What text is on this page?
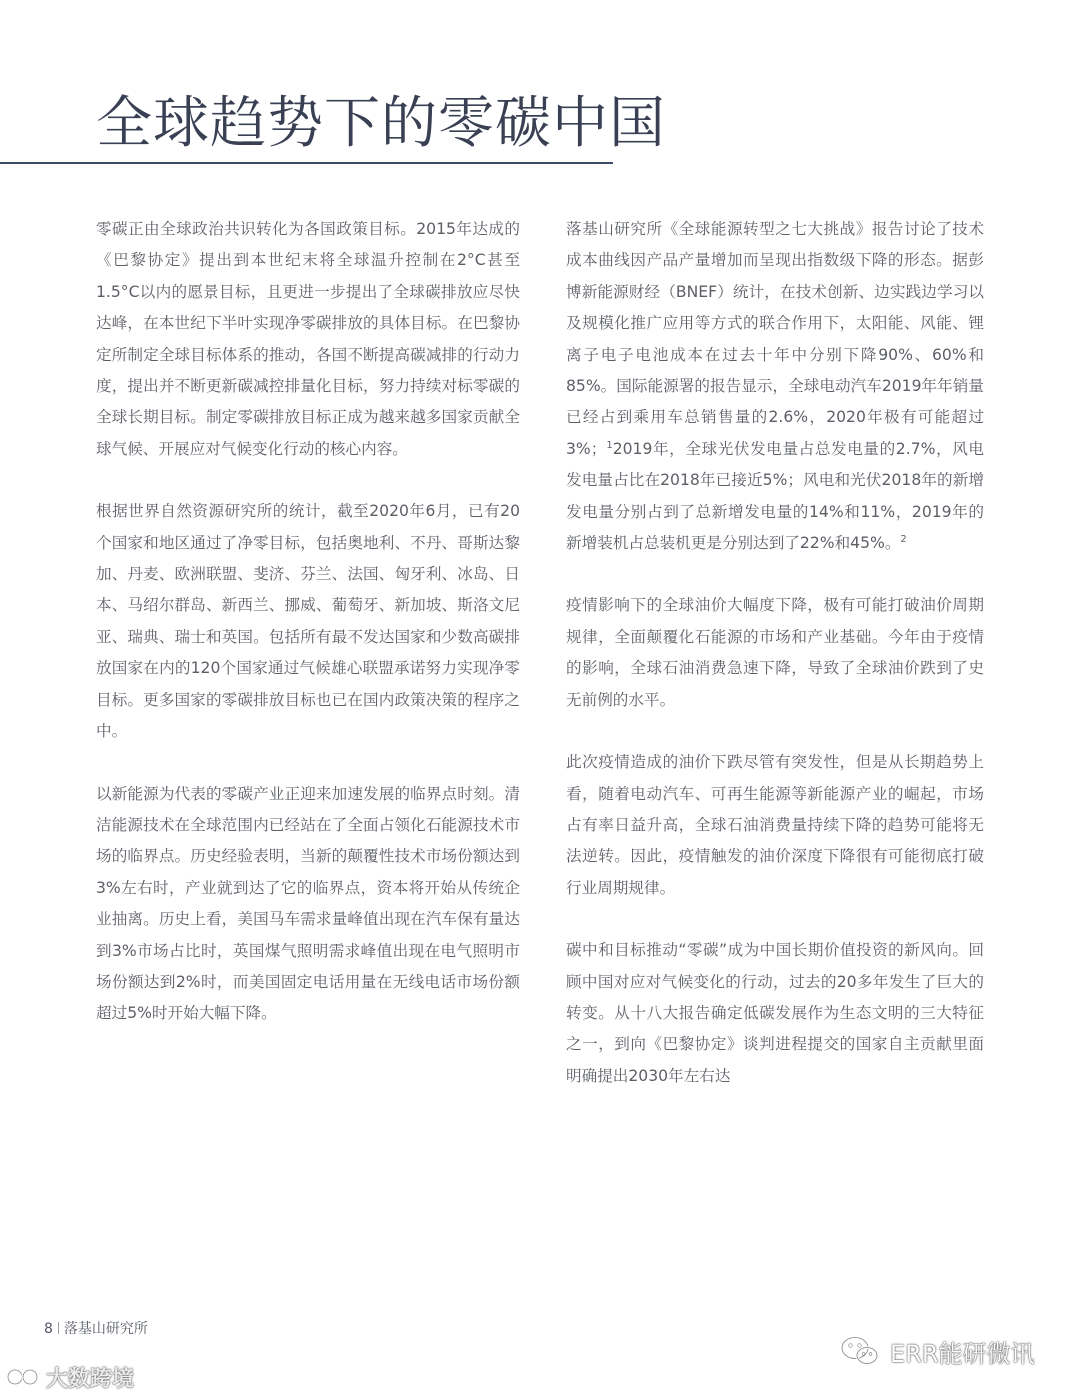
全球趋势下的零碳中国

零碳正由全球政治共识转化为各国政策目标。2015年达成的《巴黎协定》提出到本世纪末将全球温升控制在2°C甚至1.5°C以内的愿景目标，且更进一步提出了全球碳排放应尽快达峰，在本世纪下半叶实现净零碳排放的具体目标。在巴黎协定所制定全球目标体系的推动，各国不断提高碳减排的行动力度，提出并不断更新碳减控排量化目标，努力持续对标零碳的全球长期目标。制定零碳排放目标正成为越来越多国家贡献全球气候、开展应对气候变化行动的核心内容。

根据世界自然资源研究所的统计，截至2020年6月，已有20个国家和地区通过了净零目标，包括奥地利、不丹、哥斯达黎加、丹麦、欧洲联盟、斐济、芬兰、法国、匈牙利、冰岛、日本、马绍尔群岛、新西兰、挪威、葡萄牙、新加坡、斯洛文尼亚、瑞典、瑞士和英国。包括所有最不发达国家和少数高碳排放国家在内的120个国家通过气候雄心联盟承诺努力实现净零目标。更多国家的零碳排放目标也已在国内政策决策的程序之中。

以新能源为代表的零碳产业正迎来加速发展的临界点时刻。清洁能源技术在全球范围内已经站在了全面占领化石能源技术市场的临界点。历史经验表明，当新的颠覆性技术市场份额达到3%左右时，产业就到达了它的临界点，资本将开始从传统企业抽离。历史上看，美国马车需求量峰值出现在汽车保有量达到3%市场占比时，英国煤气照明需求峰值出现在电气照明市场份额达到2%时，而美国固定电话用量在无线电话市场份额超过5%时开始大幅下降。

落基山研究所《全球能源转型之七大挑战》报告讨论了技术成本曲线因产品产量增加而呈现出指数级下降的形态。据彭博新能源财经（BNEF）统计，在技术创新、边实践边学习以及规模化推广应用等方式的联合作用下，太阳能、风能、锂离子电子电池成本在过去十年中分别下降90%、60%和85%。国际能源署的报告显示，全球电动汽车2019年年销量已经占到乘用车总销售量的2.6%，2020年极有可能超过3%；$^1$2019年，全球光伏发电量占总发电量的2.7%，风电发电量占比在2018年已接近5%；风电和光伏2018年的新增发电量分别占到了总新增发电量的14%和11%，2019年的新增装机占总装机更是分别达到了22%和45%。$^2$

疫情影响下的全球油价大幅度下降，极有可能打破油价周期规律，全面颠覆化石能源的市场和产业基础。今年由于疫情的影响，全球石油消费急速下降，导致了全球油价跌到了史无前例的水平。

此次疫情造成的油价下跌尽管有突发性，但是从长期趋势上看，随着电动汽车、可再生能源等新能源产业的崛起，市场占有率日益升高，全球石油消费量持续下降的趋势可能将无法逆转。因此，疫情触发的油价深度下降很有可能彻底打破行业周期规律。

碳中和目标推动“零碳”成为中国长期价值投资的新风向。回顾中国对应对气候变化的行动，过去的20多年发生了巨大的转变。从十八大报告确定低碳发展作为生态文明的三大特征之一，到向《巴黎协定》谈判进程提交的国家自主贡献里面明确提出2030年左右达

8 落基山研究所
大数跨境
ERR能研微讯
